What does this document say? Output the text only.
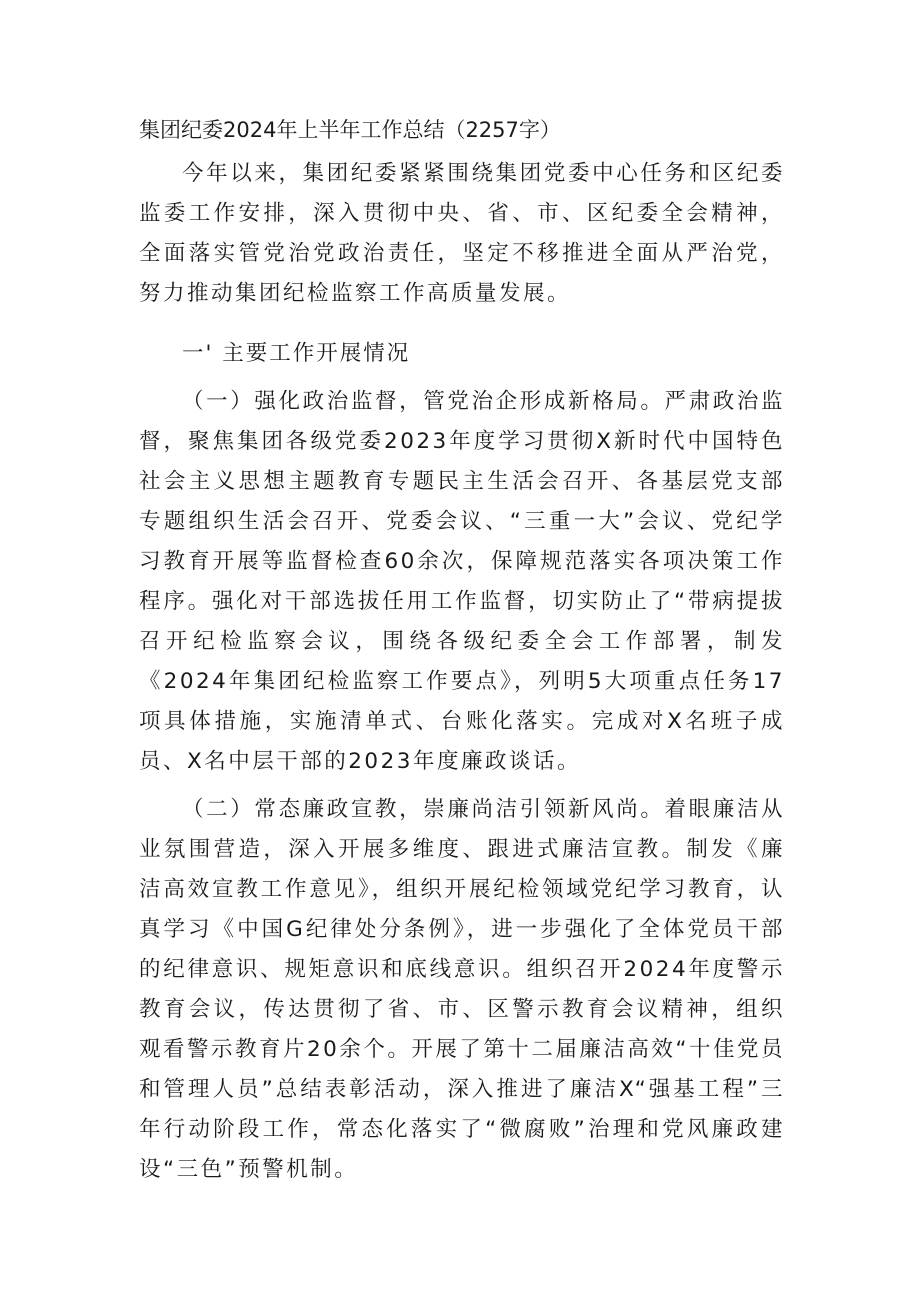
集团纪委2024年上半年工作总结（2257字）

今年以来，集团纪委紧紧围绕集团党委中心任务和区纪委监委工作安排，深入贯彻中央、省、市、区纪委全会精神，全面落实管党治党政治责任，坚定不移推进全面从严治党，努力推动集团纪检监察工作高质量发展。

一' 主要工作开展情况

（一）强化政治监督，管党治企形成新格局。严肃政治监督，聚焦集团各级党委2023年度学习贯彻X新时代中国特色社会主义思想主题教育专题民主生活会召开、各基层党支部专题组织生活会召开、党委会议、“三重一大”会议、党纪学习教育开展等监督检查60余次，保障规范落实各项决策工作程序。强化对干部选拔任用工作监督，切实防止了“带病提拔召开纪检监察会议，围绕各级纪委全会工作部署，制发《2024年集团纪检监察工作要点》，列明5大项重点任务17项具体措施，实施清单式、台账化落实。完成对X名班子成员、X名中层干部的2023年度廉政谈话。

（二）常态廉政宣教，崇廉尚洁引领新风尚。着眼廉洁从业氛围营造，深入开展多维度、跟进式廉洁宣教。制发《廉洁高效宣教工作意见》，组织开展纪检领域党纪学习教育，认真学习《中国G纪律处分条例》，进一步强化了全体党员干部的纪律意识、规矩意识和底线意识。组织召开2024年度警示教育会议，传达贯彻了省、市、区警示教育会议精神，组织观看警示教育片20余个。开展了第十二届廉洁高效“十佳党员和管理人员”总结表彰活动，深入推进了廉洁X“强基工程”三年行动阶段工作，常态化落实了“微腐败”治理和党风廉政建设“三色”预警机制。
